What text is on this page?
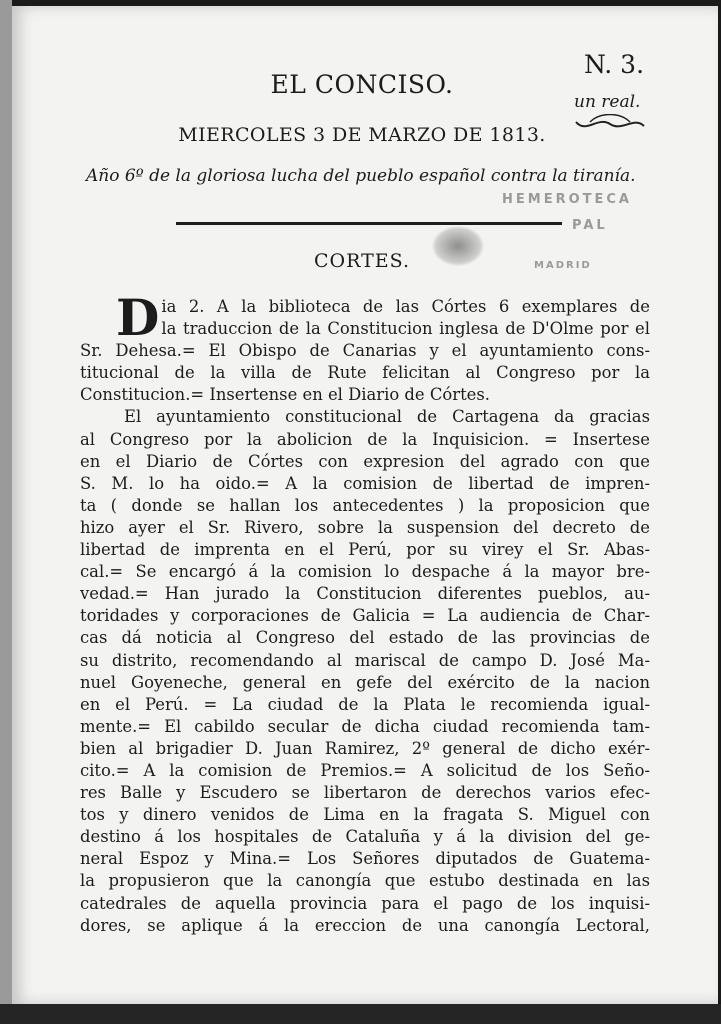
EL CONCISO.
N. 3.
un real.
MIERCOLES 3 DE MARZO DE 1813.
Año 6º de la gloriosa lucha del pueblo español contra la tiranía.
HEMEROTECA
PAL
MADRID
CORTES.
D ia 2. A la biblioteca de las Córtes 6 exemplares de
la traduccion de la Constitucion inglesa de D'Olme por el
Sr. Dehesa.= El Obispo de Canarias y el ayuntamiento cons-
titucional de la villa de Rute felicitan al Congreso por la
Constitucion.= Insertense en el Diario de Córtes.
El ayuntamiento constitucional de Cartagena da gracias
al Congreso por la abolicion de la Inquisicion. = Insertese
en el Diario de Córtes con expresion del agrado con que
S. M. lo ha oido.= A la comision de libertad de impren-
ta ( donde se hallan los antecedentes ) la proposicion que
hizo ayer el Sr. Rivero, sobre la suspension del decreto de
libertad de imprenta en el Perú, por su virey el Sr. Abas-
cal.= Se encargó á la comision lo despache á la mayor bre-
vedad.= Han jurado la Constitucion diferentes pueblos, au-
toridades y corporaciones de Galicia = La audiencia de Char-
cas dá noticia al Congreso del estado de las provincias de
su distrito, recomendando al mariscal de campo D. José Ma-
nuel Goyeneche, general en gefe del exército de la nacion
en el Perú. = La ciudad de la Plata le recomienda igual-
mente.= El cabildo secular de dicha ciudad recomienda tam-
bien al brigadier D. Juan Ramirez, 2º general de dicho exér-
cito.= A la comision de Premios.= A solicitud de los Seño-
res Balle y Escudero se libertaron de derechos varios efec-
tos y dinero venidos de Lima en la fragata S. Miguel con
destino á los hospitales de Cataluña y á la division del ge-
neral Espoz y Mina.= Los Señores diputados de Guatema-
la propusieron que la canongía que estubo destinada en las
catedrales de aquella provincia para el pago de los inquisi-
dores, se aplique á la ereccion de una canongía Lectoral,
